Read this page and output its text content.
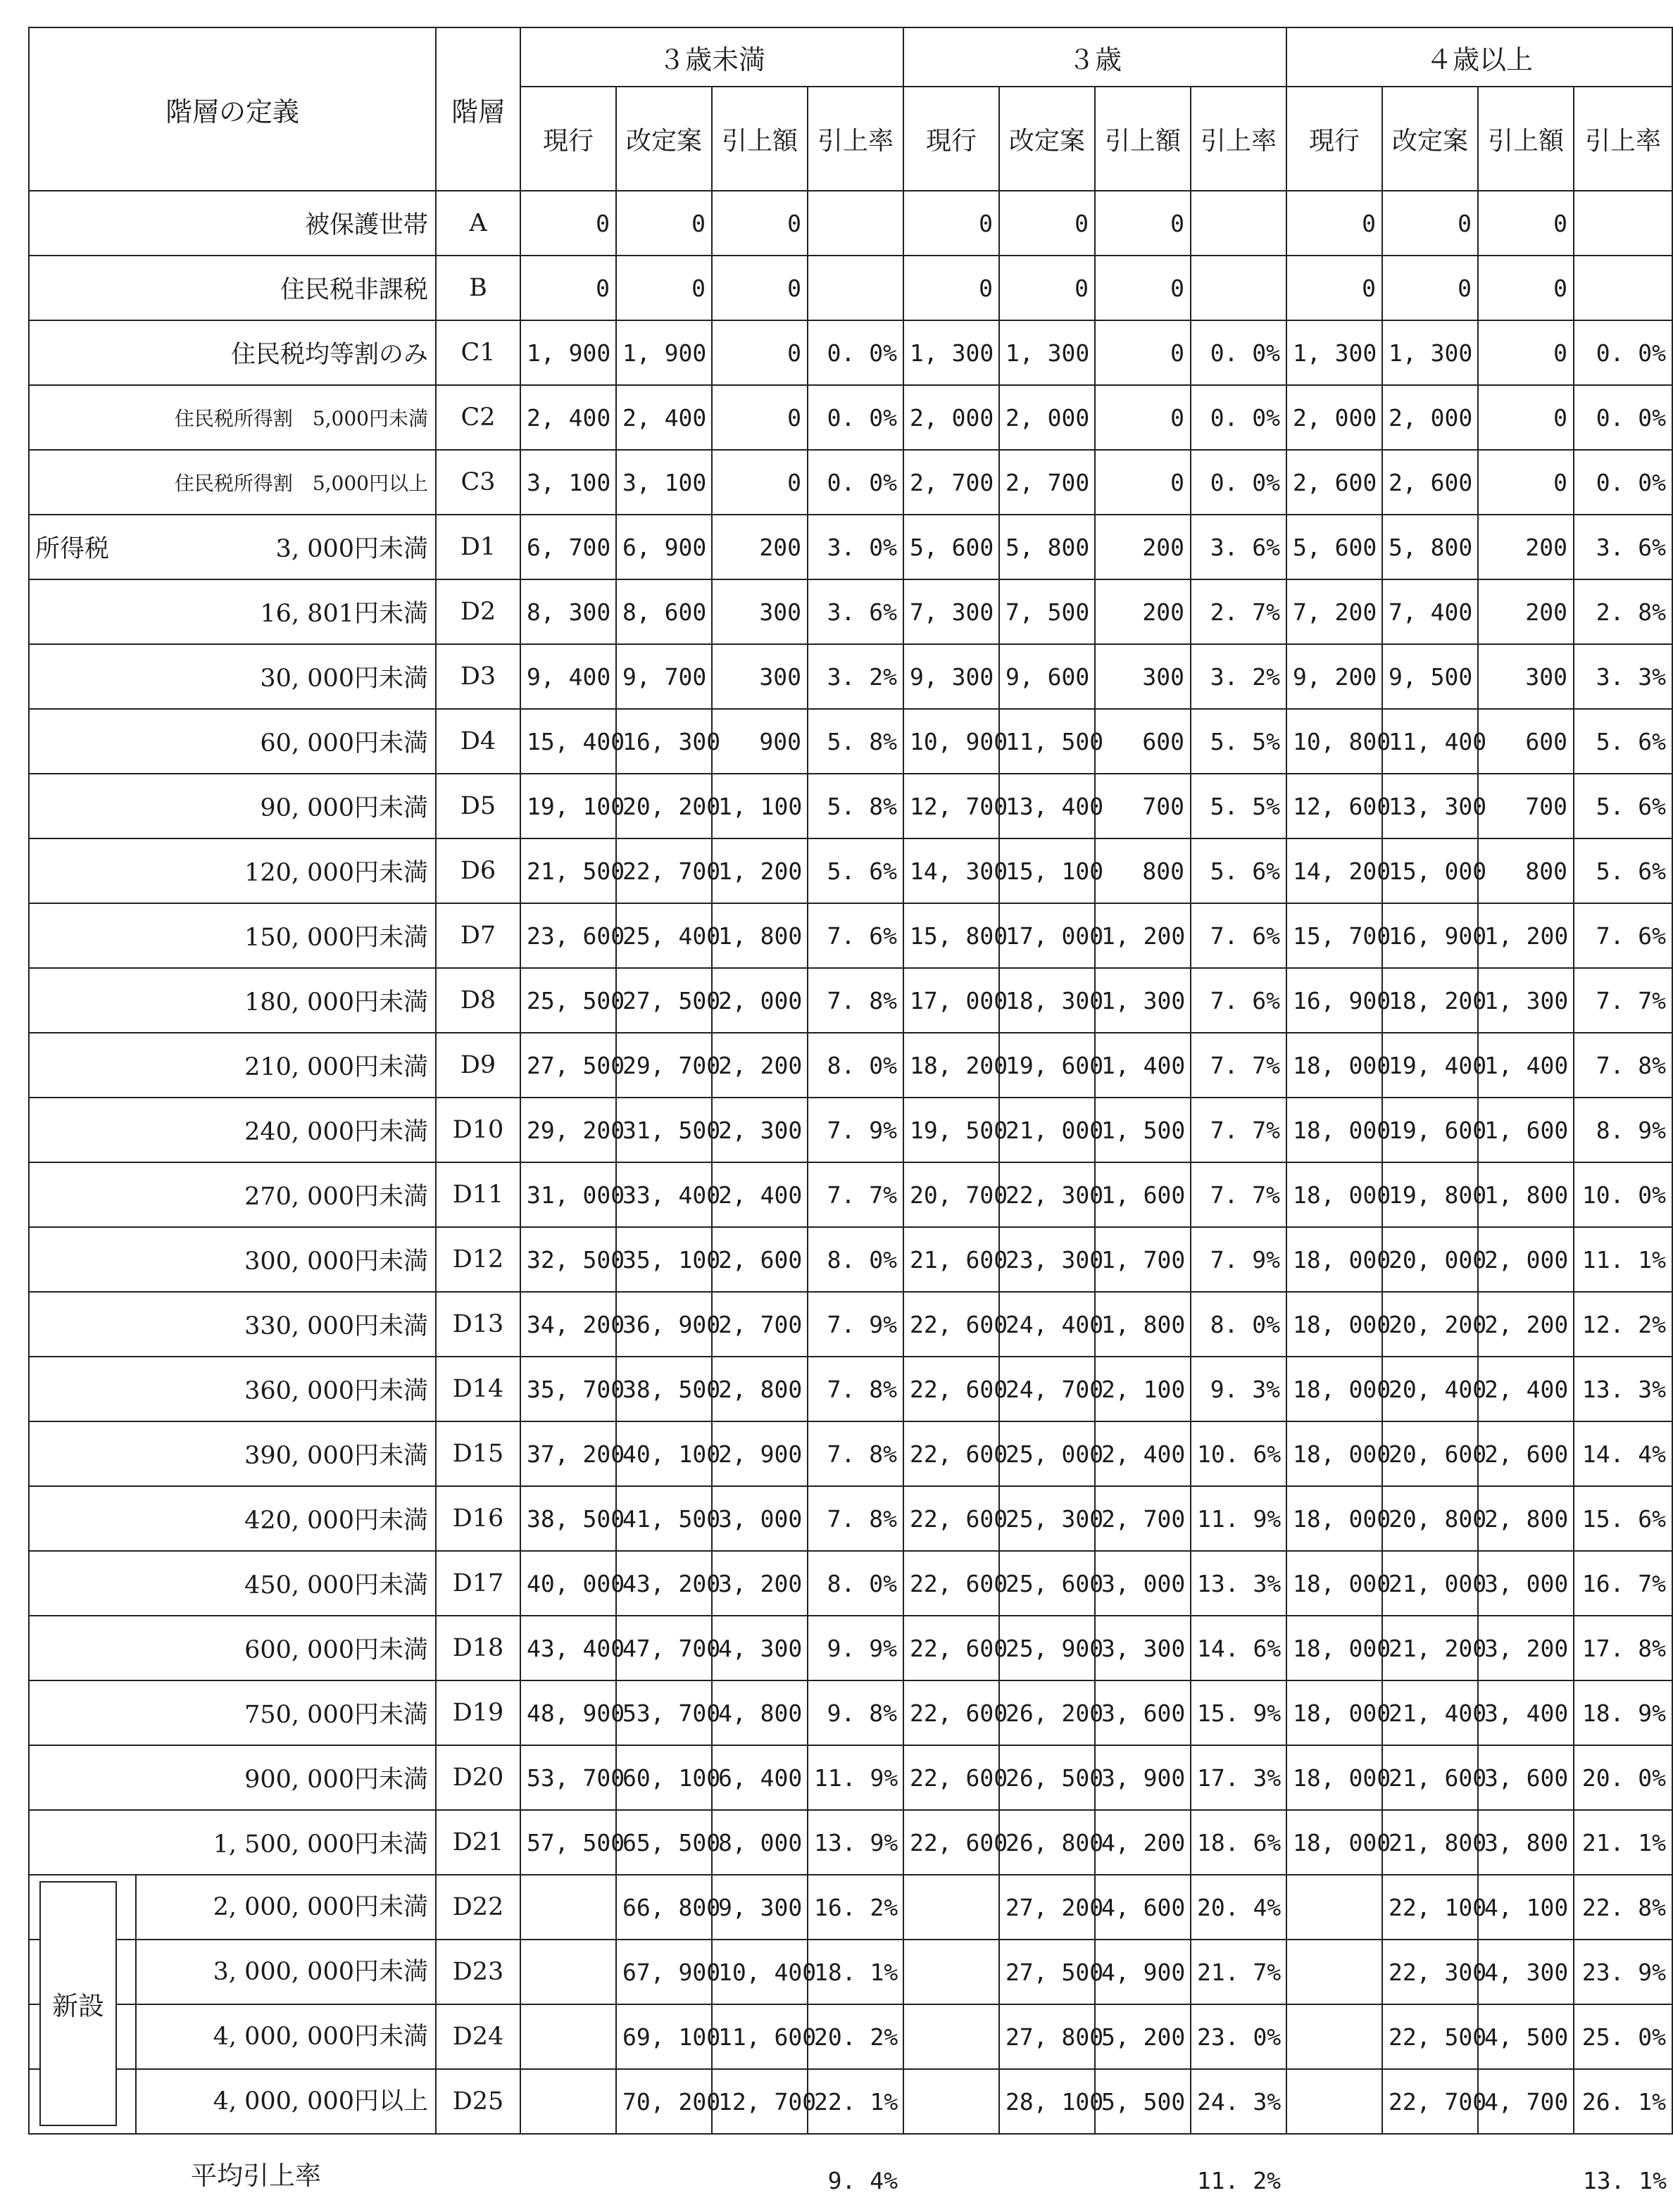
階層の定義	階層	３歳未満				３歳				４歳以上			
		現行	改定案	引上額	引上率	現行	改定案	引上額	引上率	現行	改定案	引上額	引上率
被保護世帯	A	0	0	0		0	0	0		0	0	0	
住民税非課税	B	0	0	0		0	0	0		0	0	0	
住民税均等割のみ	C1	1, 900	1, 900	0	0. 0%	1, 300	1, 300	0	0. 0%	1, 300	1, 300	0	0. 0%
住民税所得割　5,000円未満	C2	2, 400	2, 400	0	0. 0%	2, 000	2, 000	0	0. 0%	2, 000	2, 000	0	0. 0%
住民税所得割　5,000円以上	C3	3, 100	3, 100	0	0. 0%	2, 700	2, 700	0	0. 0%	2, 600	2, 600	0	0. 0%
所得税 3, 000円未満	D1	6, 700	6, 900	200	3. 0%	5, 600	5, 800	200	3. 6%	5, 600	5, 800	200	3. 6%
16, 801円未満	D2	8, 300	8, 600	300	3. 6%	7, 300	7, 500	200	2. 7%	7, 200	7, 400	200	2. 8%
30, 000円未満	D3	9, 400	9, 700	300	3. 2%	9, 300	9, 600	300	3. 2%	9, 200	9, 500	300	3. 3%
60, 000円未満	D4	15, 400	16, 300	900	5. 8%	10, 900	11, 500	600	5. 5%	10, 800	11, 400	600	5. 6%
90, 000円未満	D5	19, 100	20, 200	1, 100	5. 8%	12, 700	13, 400	700	5. 5%	12, 600	13, 300	700	5. 6%
120, 000円未満	D6	21, 500	22, 700	1, 200	5. 6%	14, 300	15, 100	800	5. 6%	14, 200	15, 000	800	5. 6%
150, 000円未満	D7	23, 600	25, 400	1, 800	7. 6%	15, 800	17, 000	1, 200	7. 6%	15, 700	16, 900	1, 200	7. 6%
180, 000円未満	D8	25, 500	27, 500	2, 000	7. 8%	17, 000	18, 300	1, 300	7. 6%	16, 900	18, 200	1, 300	7. 7%
210, 000円未満	D9	27, 500	29, 700	2, 200	8. 0%	18, 200	19, 600	1, 400	7. 7%	18, 000	19, 400	1, 400	7. 8%
240, 000円未満	D10	29, 200	31, 500	2, 300	7. 9%	19, 500	21, 000	1, 500	7. 7%	18, 000	19, 600	1, 600	8. 9%
270, 000円未満	D11	31, 000	33, 400	2, 400	7. 7%	20, 700	22, 300	1, 600	7. 7%	18, 000	19, 800	1, 800	10. 0%
300, 000円未満	D12	32, 500	35, 100	2, 600	8. 0%	21, 600	23, 300	1, 700	7. 9%	18, 000	20, 000	2, 000	11. 1%
330, 000円未満	D13	34, 200	36, 900	2, 700	7. 9%	22, 600	24, 400	1, 800	8. 0%	18, 000	20, 200	2, 200	12. 2%
360, 000円未満	D14	35, 700	38, 500	2, 800	7. 8%	22, 600	24, 700	2, 100	9. 3%	18, 000	20, 400	2, 400	13. 3%
390, 000円未満	D15	37, 200	40, 100	2, 900	7. 8%	22, 600	25, 000	2, 400	10. 6%	18, 000	20, 600	2, 600	14. 4%
420, 000円未満	D16	38, 500	41, 500	3, 000	7. 8%	22, 600	25, 300	2, 700	11. 9%	18, 000	20, 800	2, 800	15. 6%
450, 000円未満	D17	40, 000	43, 200	3, 200	8. 0%	22, 600	25, 600	3, 000	13. 3%	18, 000	21, 000	3, 000	16. 7%
600, 000円未満	D18	43, 400	47, 700	4, 300	9. 9%	22, 600	25, 900	3, 300	14. 6%	18, 000	21, 200	3, 200	17. 8%
750, 000円未満	D19	48, 900	53, 700	4, 800	9. 8%	22, 600	26, 200	3, 600	15. 9%	18, 000	21, 400	3, 400	18. 9%
900, 000円未満	D20	53, 700	60, 100	6, 400	11. 9%	22, 600	26, 500	3, 900	17. 3%	18, 000	21, 600	3, 600	20. 0%
1, 500, 000円未満	D21	57, 500	65, 500	8, 000	13. 9%	22, 600	26, 800	4, 200	18. 6%	18, 000	21, 800	3, 800	21. 1%

新設
2, 000, 000円未満	D22		66, 800	9, 300	16. 2%		27, 200	4, 600	20. 4%		22, 100	4, 100	22. 8%

3, 000, 000円未満	D23		67, 900	10, 400	18. 1%		27, 500	4, 900	21. 7%		22, 300	4, 300	23. 9%

4, 000, 000円未満	D24		69, 100	11, 600	20. 2%		27, 800	5, 200	23. 0%		22, 500	4, 500	25. 0%

4, 000, 000円以上	D25		70, 200	12, 700	22. 1%		28, 100	5, 500	24. 3%		22, 700	4, 700	26. 1%
平均引上率					9. 4%				11. 2%				13. 1%
